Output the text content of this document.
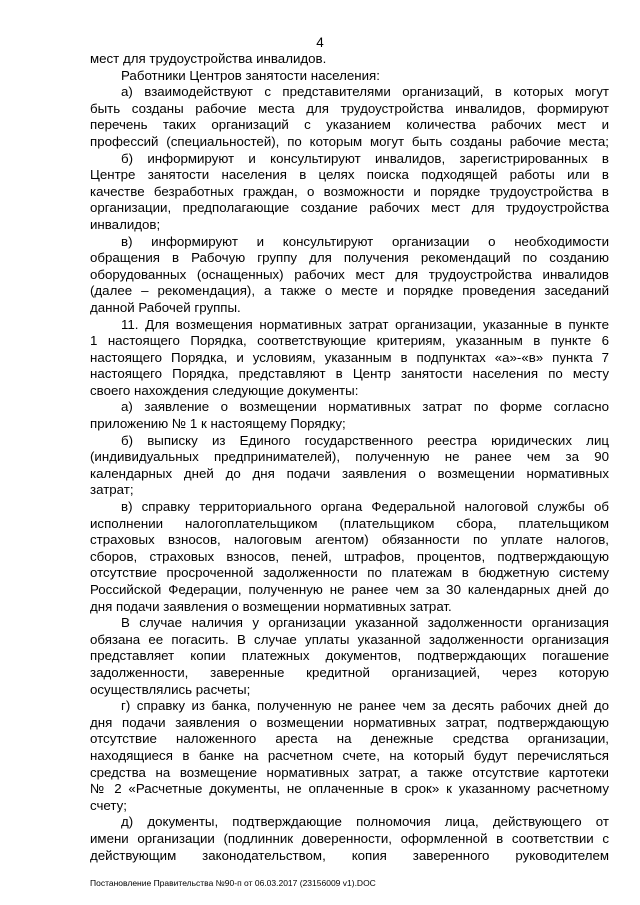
4

мест для трудоустройства инвалидов.

Работники Центров занятости населения:

а) взаимодействуют с представителями организаций, в которых могут

быть созданы рабочие места для трудоустройства инвалидов, формируют

перечень таких организаций с указанием количества рабочих мест и

профессий (специальностей), по которым могут быть созданы рабочие места;

б) информируют и консультируют инвалидов, зарегистрированных в

Центре занятости населения в целях поиска подходящей работы или в

качестве безработных граждан, о возможности и порядке трудоустройства в

организации, предполагающие создание рабочих мест для трудоустройства

инвалидов;

в) информируют и консультируют организации о необходимости

обращения в Рабочую группу для получения рекомендаций по созданию

оборудованных (оснащенных) рабочих мест для трудоустройства инвалидов

(далее – рекомендация), а также о месте и порядке проведения заседаний

данной Рабочей группы.

11. Для возмещения нормативных затрат организации, указанные в пункте

1 настоящего Порядка, соответствующие критериям, указанным в пункте 6

настоящего Порядка, и условиям, указанным в подпунктах «а»-«в» пункта 7

настоящего Порядка, представляют в Центр занятости населения по месту

своего нахождения следующие документы:

а) заявление о возмещении нормативных затрат по форме согласно

приложению № 1 к настоящему Порядку;

б) выписку из Единого государственного реестра юридических лиц

(индивидуальных предпринимателей), полученную не ранее чем за 90

календарных дней до дня подачи заявления о возмещении нормативных

затрат;

в) справку территориального органа Федеральной налоговой службы об

исполнении налогоплательщиком (плательщиком сбора, плательщиком

страховых взносов, налоговым агентом) обязанности по уплате налогов,

сборов, страховых взносов, пеней, штрафов, процентов, подтверждающую

отсутствие просроченной задолженности по платежам в бюджетную систему

Российской Федерации, полученную не ранее чем за 30 календарных дней до

дня подачи заявления о возмещении нормативных затрат.

В случае наличия у организации указанной задолженности организация

обязана ее погасить. В случае уплаты указанной задолженности организация

представляет копии платежных документов, подтверждающих погашение

задолженности, заверенные кредитной организацией, через которую

осуществлялись расчеты;

г) справку из банка, полученную не ранее чем за десять рабочих дней до

дня подачи заявления о возмещении нормативных затрат, подтверждающую

отсутствие наложенного ареста на денежные средства организации,

находящиеся в банке на расчетном счете, на который будут перечисляться

средства на возмещение нормативных затрат, а также отсутствие картотеки

№ 2 «Расчетные документы, не оплаченные в срок» к указанному расчетному

счету;

д) документы, подтверждающие полномочия лица, действующего от

имени организации (подлинник доверенности, оформленной в соответствии с

действующим законодательством, копия заверенного руководителем

Постановление Правительства №90-п от 06.03.2017 (23156009 v1).DOC
